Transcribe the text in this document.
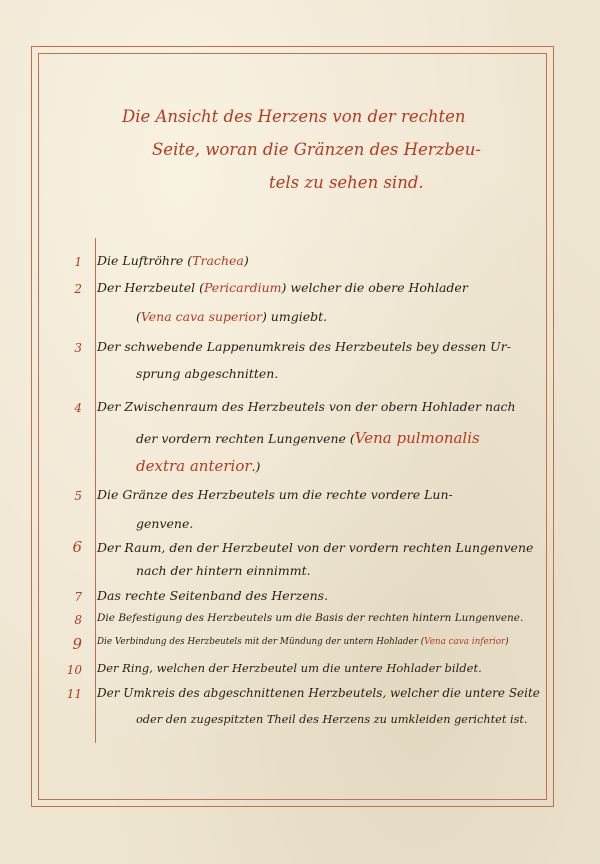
Die Ansicht des Herzens von der rechten
Seite, woran die Gränzen des Herzbeu-
tels zu sehen sind.
1 Die Luftröhre (Trachea)
2 Der Herzbeutel (Pericardium) welcher die obere Hohlader
(Vena cava superior) umgiebt.
3 Der schwebende Lappenumkreis des Herzbeutels bey dessen Ur-
sprung abgeschnitten.
4 Der Zwischenraum des Herzbeutels von der obern Hohlader nach
der vordern rechten Lungenvene (Vena pulmonalis
dextra anterior.)
5 Die Gränze des Herzbeutels um die rechte vordere Lun-
genvene.
6 Der Raum, den der Herzbeutel von der vordern rechten Lungenvene
nach der hintern einnimmt.
7 Das rechte Seitenband des Herzens.
8 Die Befestigung des Herzbeutels um die Basis der rechten hintern Lungenvene.
9 Die Verbindung des Herzbeutels mit der Mündung der untern Hohlader (Vena cava inferior)
10 Der Ring, welchen der Herzbeutel um die untere Hohlader bildet.
11 Der Umkreis des abgeschnittenen Herzbeutels, welcher die untere Seite
oder den zugespitzten Theil des Herzens zu umkleiden gerichtet ist.
